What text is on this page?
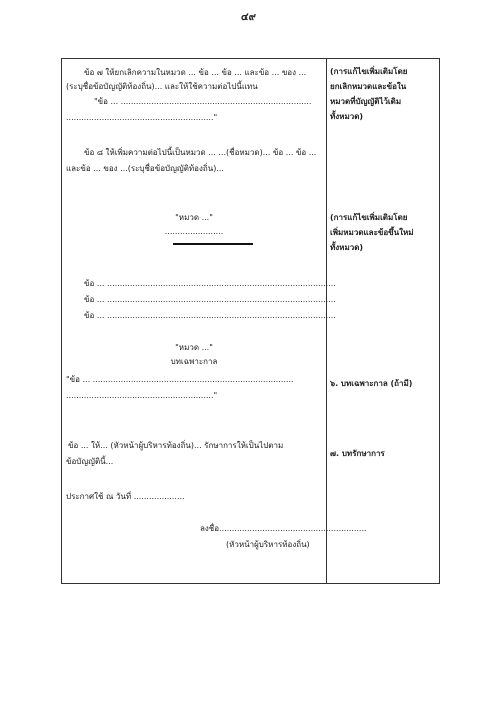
๔๙
ข้อ ๗ ให้ยกเลิกความในหมวด ... ข้อ ... ข้อ ... และข้อ ... ของ ...
(ระบุชื่อข้อบัญญัติท้องถิ่น)... และให้ใช้ความต่อไปนี้แทน
"ข้อ ... ...........................................................................
.........................................................."
ข้อ ๘ ให้เพิ่มความต่อไปนี้เป็นหมวด ... ...(ชื่อหมวด)... ข้อ ... ข้อ ...
และข้อ ... ของ ...(ระบุชื่อข้อบัญญัติท้องถิ่น)...
"หมวด ..."
.......................
ข้อ ... ..........................................................................................
ข้อ ... ..........................................................................................
ข้อ ... ..........................................................................................
"หมวด ..."
บทเฉพาะกาล
"ข้อ ... ...............................................................................
.........................................................."
ข้อ ... ให้... (หัวหน้าผู้บริหารท้องถิ่น)... รักษาการให้เป็นไปตาม
ข้อบัญญัตินี้...
ประกาศใช้ ณ วันที่ ....................
ลงชื่อ..........................................................
(หัวหน้าผู้บริหารท้องถิ่น)
(การแก้ไขเพิ่มเติมโดย
ยกเลิกหมวดและข้อใน
หมวดที่บัญญัติไว้เดิม
ทั้งหมวด)
(การแก้ไขเพิ่มเติมโดย
เพิ่มหมวดและข้อขึ้นใหม่
ทั้งหมวด)
๖. บทเฉพาะกาล (ถ้ามี)
๗. บทรักษาการ
